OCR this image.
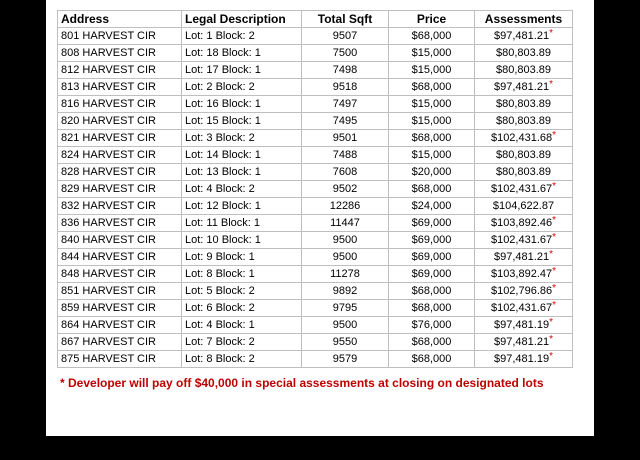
Address	Legal Description	Total Sqft	Price	Assessments
801 HARVEST CIR	Lot: 1 Block: 2	9507	$68,000	$97,481.21*
808 HARVEST CIR	Lot: 18 Block: 1	7500	$15,000	$80,803.89
812 HARVEST CIR	Lot: 17 Block: 1	7498	$15,000	$80,803.89
813 HARVEST CIR	Lot: 2 Block: 2	9518	$68,000	$97,481.21*
816 HARVEST CIR	Lot: 16 Block: 1	7497	$15,000	$80,803.89
820 HARVEST CIR	Lot: 15 Block: 1	7495	$15,000	$80,803.89
821 HARVEST CIR	Lot: 3 Block: 2	9501	$68,000	$102,431.68*
824 HARVEST CIR	Lot: 14 Block: 1	7488	$15,000	$80,803.89
828 HARVEST CIR	Lot: 13 Block: 1	7608	$20,000	$80,803.89
829 HARVEST CIR	Lot: 4 Block: 2	9502	$68,000	$102,431.67*
832 HARVEST CIR	Lot: 12 Block: 1	12286	$24,000	$104,622.87
836 HARVEST CIR	Lot: 11 Block: 1	11447	$69,000	$103,892.46*
840 HARVEST CIR	Lot: 10 Block: 1	9500	$69,000	$102,431.67*
844 HARVEST CIR	Lot: 9 Block: 1	9500	$69,000	$97,481.21*
848 HARVEST CIR	Lot: 8 Block: 1	11278	$69,000	$103,892.47*
851 HARVEST CIR	Lot: 5 Block: 2	9892	$68,000	$102,796.86*
859 HARVEST CIR	Lot: 6 Block: 2	9795	$68,000	$102,431.67*
864 HARVEST CIR	Lot: 4 Block: 1	9500	$76,000	$97,481.19*
867 HARVEST CIR	Lot: 7 Block: 2	9550	$68,000	$97,481.21*
875 HARVEST CIR	Lot: 8 Block: 2	9579	$68,000	$97,481.19*
* Developer will pay off $40,000 in special assessments at closing on designated lots
